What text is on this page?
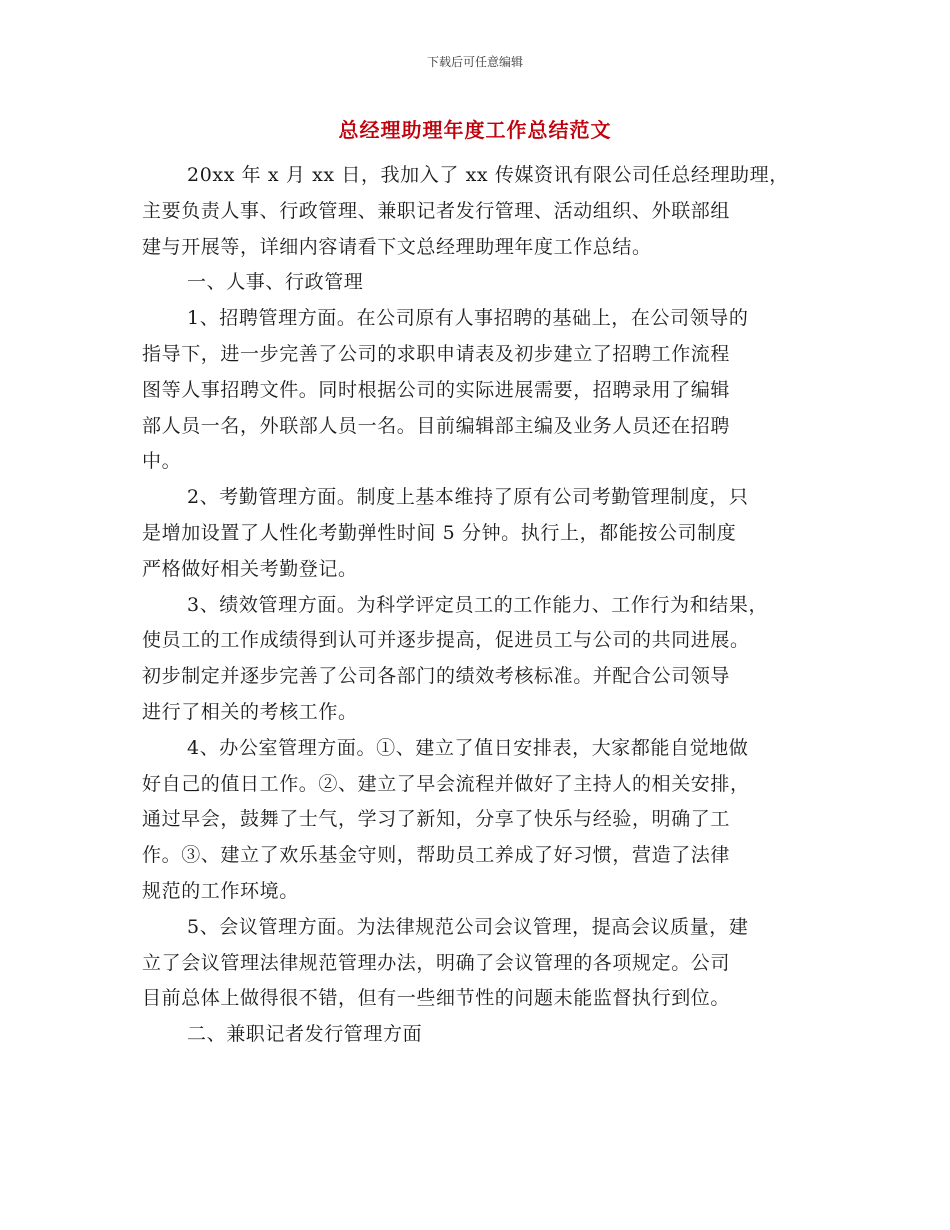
下载后可任意编辑
总经理助理年度工作总结范文

20xx 年 x 月 xx 日，我加入了 xx 传媒资讯有限公司任总经理助理，
主要负责人事、行政管理、兼职记者发行管理、活动组织、外联部组
建与开展等，详细内容请看下文总经理助理年度工作总结。

一、人事、行政管理

1、招聘管理方面。在公司原有人事招聘的基础上，在公司领导的
指导下，进一步完善了公司的求职申请表及初步建立了招聘工作流程
图等人事招聘文件。同时根据公司的实际进展需要，招聘录用了编辑
部人员一名，外联部人员一名。目前编辑部主编及业务人员还在招聘
中。

2、考勤管理方面。制度上基本维持了原有公司考勤管理制度，只
是增加设置了人性化考勤弹性时间 5 分钟。执行上，都能按公司制度
严格做好相关考勤登记。

3、绩效管理方面。为科学评定员工的工作能力、工作行为和结果，
使员工的工作成绩得到认可并逐步提高，促进员工与公司的共同进展。
初步制定并逐步完善了公司各部门的绩效考核标准。并配合公司领导
进行了相关的考核工作。

4、办公室管理方面。①、建立了值日安排表，大家都能自觉地做
好自己的值日工作。②、建立了早会流程并做好了主持人的相关安排，
通过早会，鼓舞了士气，学习了新知，分享了快乐与经验，明确了工
作。③、建立了欢乐基金守则，帮助员工养成了好习惯，营造了法律
规范的工作环境。

5、会议管理方面。为法律规范公司会议管理，提高会议质量，建
立了会议管理法律规范管理办法，明确了会议管理的各项规定。公司
目前总体上做得很不错，但有一些细节性的问题未能监督执行到位。

二、兼职记者发行管理方面
